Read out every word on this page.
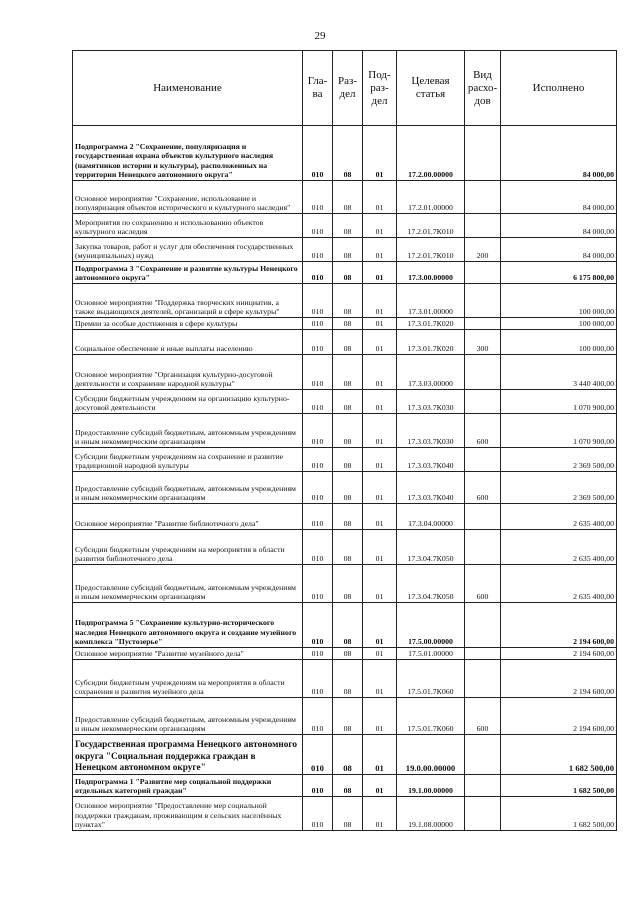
29
Наименование	Гла-ва	Раз-дел	Под-раз-дел	Целевая статья	Вид расхо-дов	Исполнено
Подпрограмма 2 "Сохранение, популяризация и государственная охрана объектов культурного наследия (памятников истории и культуры), расположенных на территории Ненецкого автономного округа"	010	08	01	17.2.00.00000		84 000,00
Основное мероприятие "Сохранение, использование и популяризация объектов исторического и культурного наследия"	010	08	01	17.2.01.00000		84 000,00
Мероприятия по сохранению и использованию объектов культурного наследия	010	08	01	17.2.01.7К010		84 000,00
Закупка товаров, работ и услуг для обеспечения государственных (муниципальных) нужд	010	08	01	17.2.01.7К010	200	84 000,00
Подпрограмма 3 "Сохранение и развитие культуры Ненецкого автономного округа"	010	08	01	17.3.00.00000		6 175 800,00
Основное мероприятие "Поддержка творческих инициатив, а также выдающихся деятелей, организаций в сфере культуры"	010	08	01	17.3.01.00000		100 000,00
Премии за особые достижения в сфере культуры	010	08	01	17.3.01.7К020		100 000,00
Социальное обеспечение и иные выплаты населению	010	08	01	17.3.01.7К020	300	100 000,00
Основное мероприятие "Организация культурно-досуговой деятельности и сохранение народной культуры"	010	08	01	17.3.03.00000		3 440 400,00
Субсидии бюджетным учреждениям на организацию культурно-досуговой деятельности	010	08	01	17.3.03.7К030		1 070 900,00
Предоставление субсидий бюджетным, автономным учреждениям и иным некоммерческим организациям	010	08	01	17.3.03.7К030	600	1 070 900,00
Субсидии бюджетным учреждениям на сохранение и развитие традиционной народной культуры	010	08	01	17.3.03.7К040		2 369 500,00
Предоставление субсидий бюджетным, автономным учреждениям и иным некоммерческим организациям	010	08	01	17.3.03.7К040	600	2 369 500,00
Основное мероприятие "Развитие библиотечного дела"	010	08	01	17.3.04.00000		2 635 400,00
Субсидии бюджетным учреждениям на мероприятия в области развития библиотечного дела	010	08	01	17.3.04.7К050		2 635 400,00
Предоставление субсидий бюджетным, автономным учреждениям и иным некоммерческим организациям	010	08	01	17.3.04.7К050	600	2 635 400,00
Подпрограмма 5 "Сохранение культурно-исторического наследия Ненецкого автономного округа и создание музейного комплекса "Пустозерье"	010	08	01	17.5.00.00000		2 194 600,00
Основное мероприятие "Развитие музейного дела"	010	08	01	17.5.01.00000		2 194 600,00
Субсидии бюджетным учреждениям на мероприятия в области сохранения и развития музейного дела	010	08	01	17.5.01.7К060		2 194 600,00
Предоставление субсидий бюджетным, автономным учреждениям и иным некоммерческим организациям	010	08	01	17.5.01.7К060	600	2 194 600,00
Государственная программа Ненецкого автономного округа "Социальная поддержка граждан в Ненецком автономном округе"	010	08	01	19.0.00.00000		1 682 500,00
Подпрограмма 1 "Развитие мер социальной поддержки отдельных категорий граждан"	010	08	01	19.1.00.00000		1 682 500,00
Основное мероприятие "Предоставление мер социальной поддержки гражданам, проживающим в сельских населённых пунктах"	010	08	01	19.1.08.00000		1 682 500,00
